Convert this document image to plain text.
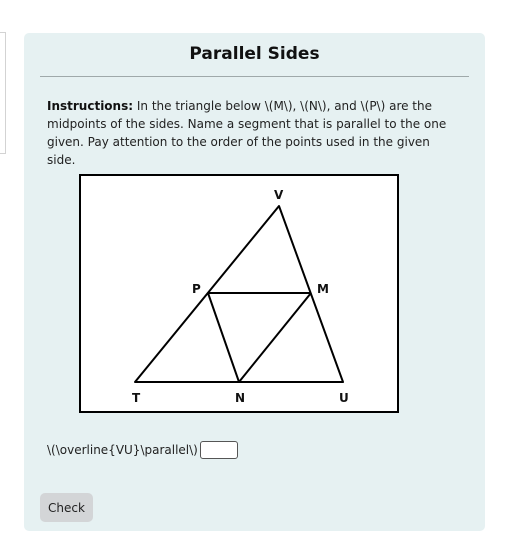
Parallel Sides
Instructions: In the triangle below \(M\), \(N\), and \(P\) are the midpoints of the sides. Name a segment that is parallel to the one given. Pay attention to the order of the points used in the given side.
V
P	M
T	N	U
\(\overline{VU}\parallel\)
Check
